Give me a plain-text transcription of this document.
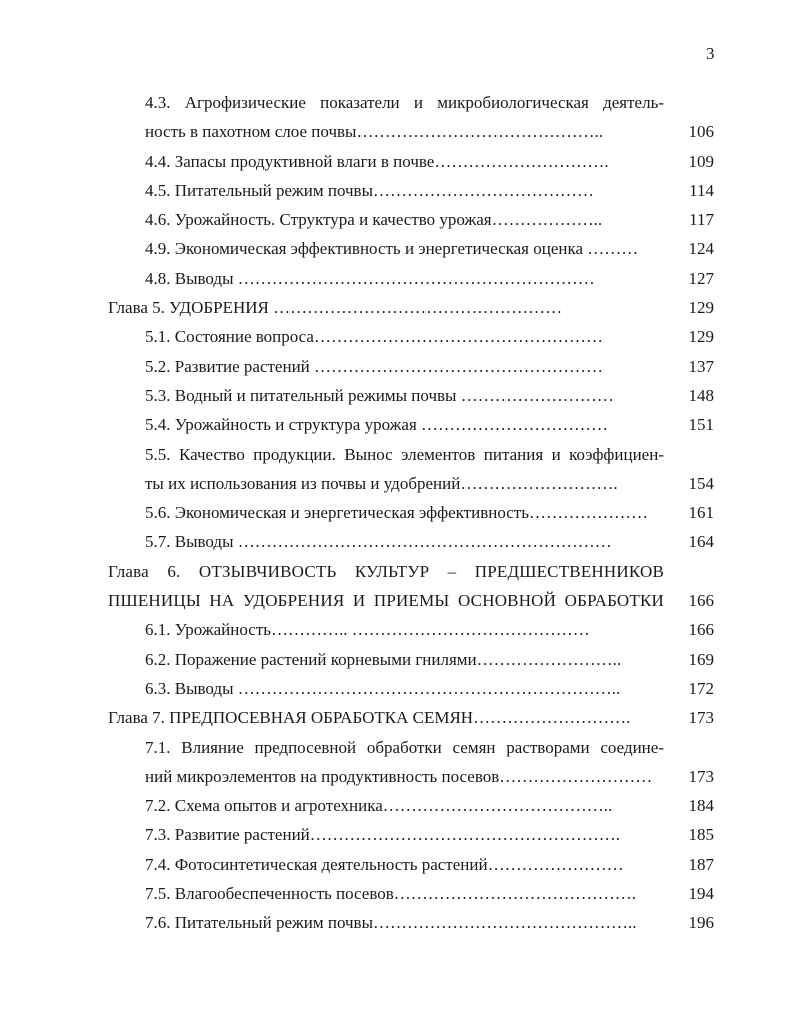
3
4.3. Агрофизические показатели и микробиологическая деятель-
ность в пахотном слое почвы……………………………………..	106
4.4. Запасы продуктивной влаги в почве………………………….	109
4.5. Питательный режим почвы…………………………………	114
4.6. Урожайность. Структура и качество урожая………………..	117
4.9. Экономическая эффективность и энергетическая оценка ………	124
4.8. Выводы ………………………………………………………	127
Глава 5. УДОБРЕНИЯ ……………………………………………	129
5.1. Состояние вопроса……………………………………………	129
5.2. Развитие растений ……………………………………………	137
5.3. Водный и питательный режимы почвы ………………………	148
5.4. Урожайность и структура урожая ……………………………	151
5.5. Качество продукции. Вынос элементов питания и коэффициен-
ты их использования из почвы и удобрений……………………….	154
5.6. Экономическая и энергетическая эффективность…………………	161
5.7. Выводы …………………………………………………………	164
Глава 6. ОТЗЫВЧИВОСТЬ КУЛЬТУР – ПРЕДШЕСТВЕННИКОВ
ПШЕНИЦЫ НА УДОБРЕНИЯ И ПРИЕМЫ ОСНОВНОЙ ОБРАБОТКИ	166
6.1. Урожайность………….. ……………………………………	166
6.2. Поражение растений корневыми гнилями……………………..	169
6.3. Выводы …………………………………………………………..	172
Глава 7. ПРЕДПОСЕВНАЯ ОБРАБОТКА СЕМЯН……………………….	173
7.1. Влияние предпосевной обработки семян растворами соедине-
ний микроэлементов на продуктивность посевов………………………	173
7.2. Схема опытов и агротехника…………………………………..	184
7.3. Развитие растений……………………………………………….	185
7.4. Фотосинтетическая деятельность растений……………………	187
7.5. Влагообеспеченность посевов…………………………………….	194
7.6. Питательный режим почвы………………………………………..	196
